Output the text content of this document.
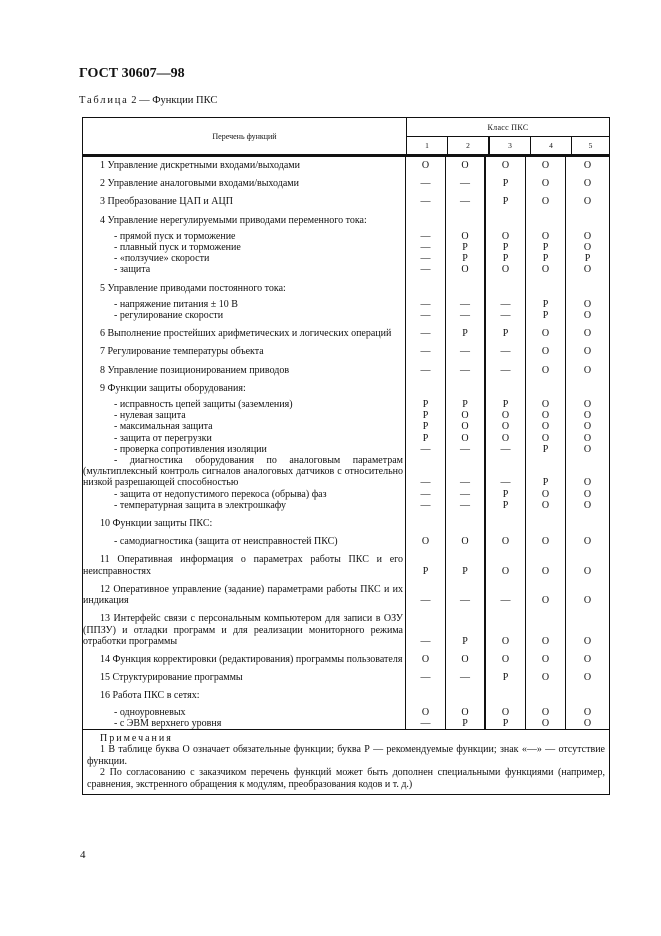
ГОСТ 30607—98
Таблица 2 — Функции ПКС
Перечень функций
Класс ПКС
1	2	3	4	5
1 Управление дискретными входами/выходами	O	O	O	O	O
2 Управление аналоговыми входами/выходами	—	—	P	O	O
3 Преобразование ЦАП и АЦП	—	—	P	O	O
4 Управление нерегулируемыми приводами переменного тока:
- прямой пуск и торможение	—	O	O	O	O
- плавный пуск и торможение	—	P	P	P	O
- «ползучие» скорости	—	P	P	P	P
- защита	—	O	O	O	O
5 Управление приводами постоянного тока:
- напряжение питания ± 10 В	—	—	—	P	O
- регулирование скорости	—	—	—	P	O
6 Выполнение простейших арифметических и логических операций	—	P	P	O	O
7 Регулирование температуры объекта	—	—	—	O	O
8 Управление позиционированием приводов	—	—	—	O	O
9 Функции защиты оборудования:
- исправность цепей защиты (заземления)	P	P	P	O	O
- нулевая защита	P	O	O	O	O
- максимальная защита	P	O	O	O	O
- защита от перегрузки	P	O	O	O	O
- проверка сопротивления изоляции	—	—	—	P	O
- диагностика оборудования по аналоговым параметрам (мультиплексный контроль сигналов аналоговых датчиков с относительно низкой разрешающей способностью	—	—	—	P	O
- защита от недопустимого перекоса (обрыва) фаз	—	—	P	O	O
- температурная защита в электрошкафу	—	—	P	O	O
10 Функции защиты ПКС:
- самодиагностика (защита от неисправностей ПКС)	O	O	O	O	O
11 Оперативная информация о параметрах работы ПКС и его неисправностях	P	P	O	O	O
12 Оперативное управление (задание) параметрами работы ПКС и их индикация	—	—	—	O	O
13 Интерфейс связи с персональным компьютером для записи в ОЗУ (ППЗУ) и отладки программ и для реализации мониторного режима отработки программы	—	P	O	O	O
14 Функция корректировки (редактирования) программы пользователя	O	O	O	O	O
15 Структурирование программы	—	—	P	O	O
16 Работа ПКС в сетях:
- одноуровневых	O	O	O	O	O
- с ЭВМ верхнего уровня	—	P	P	O	O
Примечания

1 В таблице буква О означает обязательные функции; буква Р — рекомендуемые функции; знак «—» — отсутствие функции.

2 По согласованию с заказчиком перечень функций может быть дополнен специальными функциями (например, сравнения, экстренного обращения к модулям, преобразования кодов и т. д.)

4
